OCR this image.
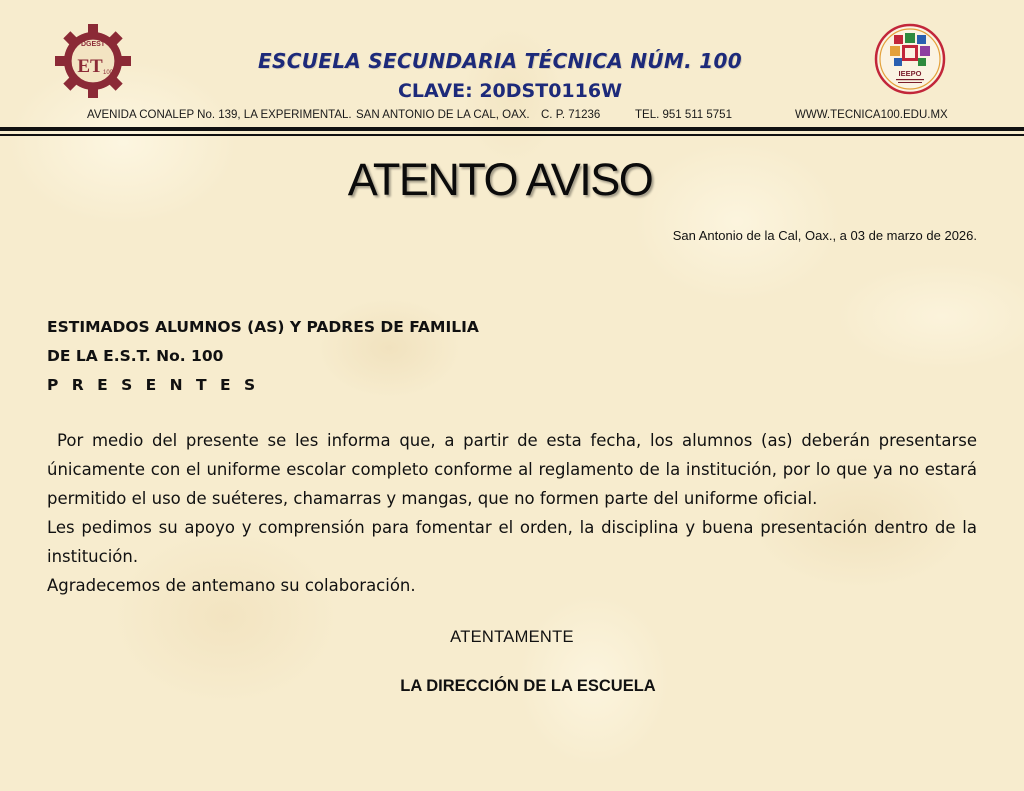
DGEST
ET 100	IEEPO
ESCUELA SECUNDARIA TÉCNICA NÚM. 100
CLAVE: 20DST0116W
AVENIDA CONALEP No. 139, LA EXPERIMENTAL. SAN ANTONIO DE LA CAL, OAX. C. P. 71236	TEL. 951 511 5751	WWW.TECNICA100.EDU.MX
ATENTO AVISO
San Antonio de la Cal, Oax., a 03 de marzo de 2026.
ESTIMADOS ALUMNOS (AS) Y PADRES DE FAMILIA
DE LA E.S.T. No. 100
P R E S E N T E S

Por medio del presente se les informa que, a partir de esta fecha, los alumnos (as) deberán presentarse únicamente con el uniforme escolar completo conforme al reglamento de la institución, por lo que ya no estará permitido el uso de suéteres, chamarras y mangas, que no formen parte del uniforme oficial.

Les pedimos su apoyo y comprensión para fomentar el orden, la disciplina y buena presentación dentro de la institución.

Agradecemos de antemano su colaboración.

ATENTAMENTE
LA DIRECCIÓN DE LA ESCUELA
